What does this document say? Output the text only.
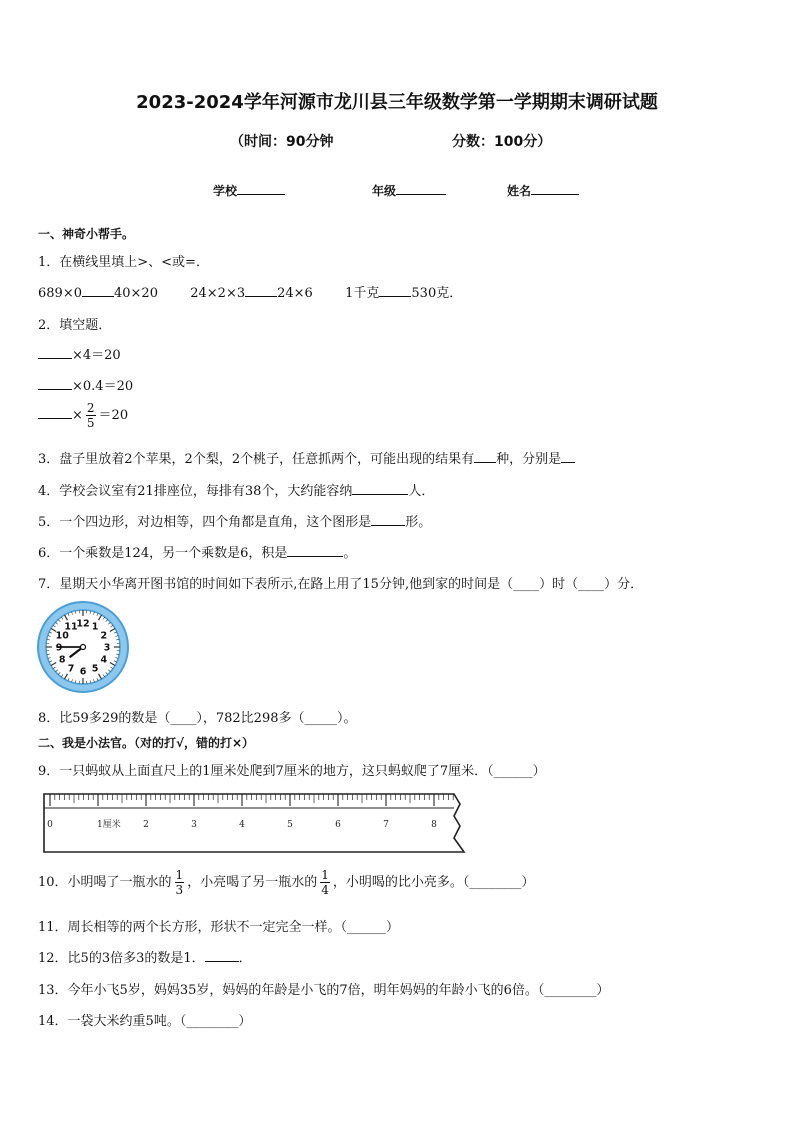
2023-2024学年河源市龙川县三年级数学第一学期期末调研试题
（时间：90分钟	分数：100分）
学校	年级	姓名
一、神奇小帮手。
1．在横线里填上>、<或=．
689×0 40×20 24×2×3 24×6 1千克 530克．
2．填空题．
×4＝20
×0.4＝20
× $\frac{2}{5} =20$
3．盘子里放着2个苹果，2个梨，2个桃子，任意抓两个，可能出现的结果有 种，分别是
4．学校会议室有21排座位，每排有38个，大约能容纳	人．
5．一个四边形，对边相等，四个角都是直角，这个图形是	形。
6．一个乘数是124，另一个乘数是6，积是	。
7．星期天小华离开图书馆的时间如下表所示,在路上用了15分钟,他到家的时间是（____）时（____）分．
12 1
2
3
4
5
6
7
8
9
10
11
8．比59多29的数是（____），782比298多（_____）。
二、我是小法官。（对的打√，错的打×）
9．一只蚂蚁从上面直尺上的1厘米处爬到7厘米的地方，这只蚂蚁爬了7厘米．（______）
0	1厘米 2	3	4	5	6	7	8
10．小明喝了一瓶水的 $\frac{1}{3}$ ，小亮喝了另一瓶水的 $\frac{1}{4}$ ，小明喝的比小亮多。（________）
11．周长相等的两个长方形，形状不一定完全一样。（______）
12．比5的3倍多3的数是1．	．
13．今年小飞5岁，妈妈35岁，妈妈的年龄是小飞的7倍，明年妈妈的年龄小飞的6倍。（________）
14．一袋大米约重5吨。（________）
